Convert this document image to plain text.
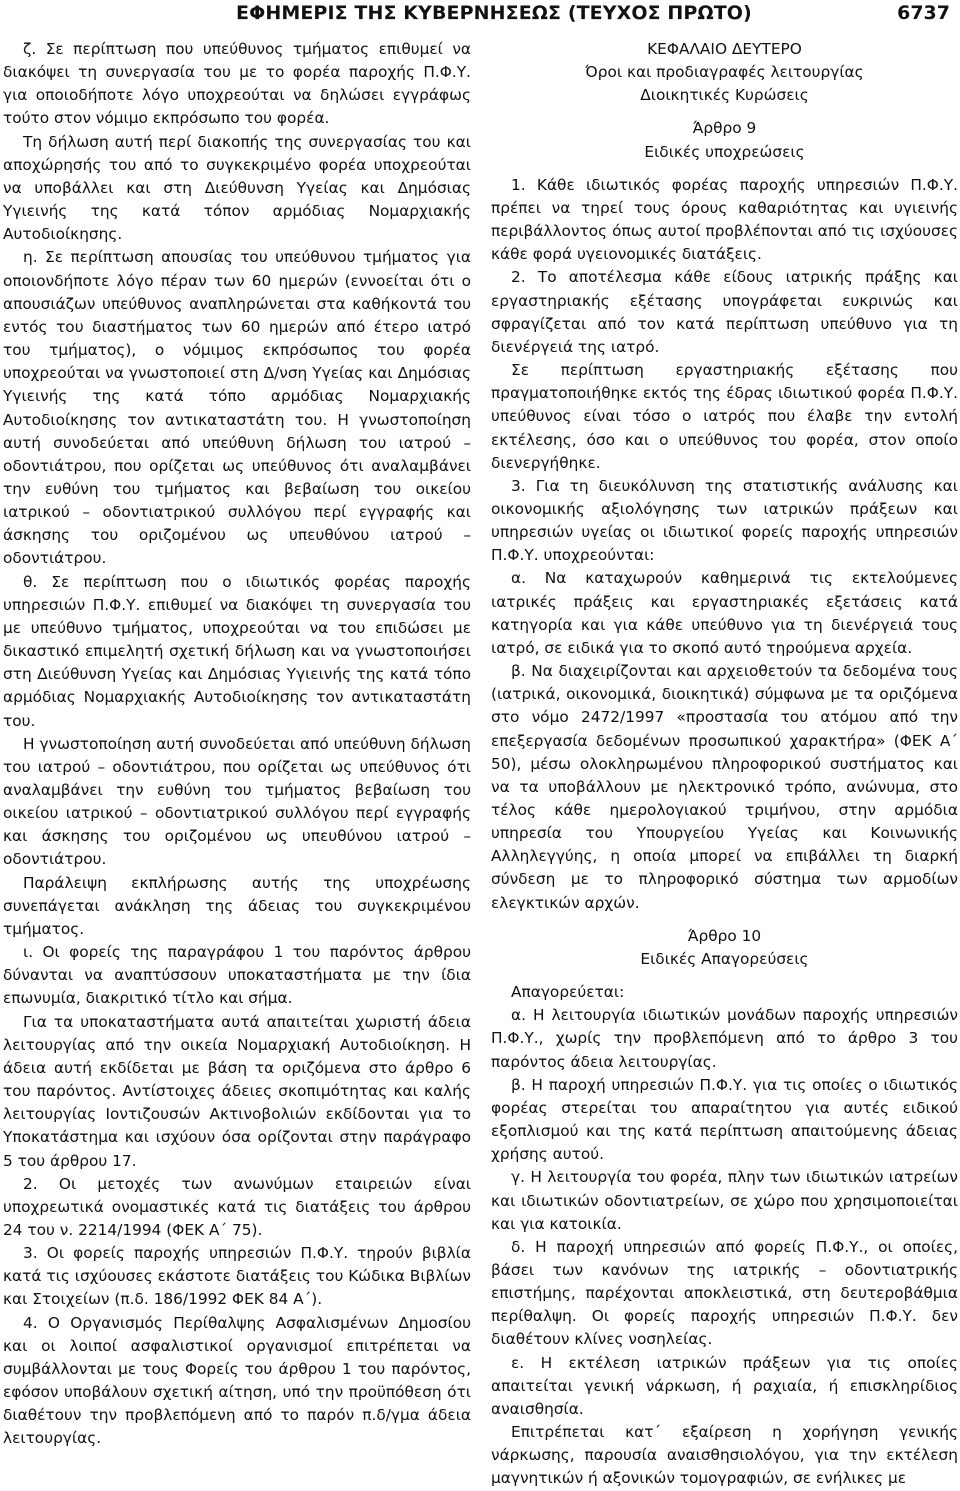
ΕΦΗΜΕΡΙΣ ΤΗΣ ΚΥΒΕΡΝΗΣΕΩΣ (ΤΕΥΧΟΣ ΠΡΩΤΟ)	6737

ζ. Σε περίπτωση που υπεύθυνος τμήματος επιθυμεί να διακόψει τη συνεργασία του με το φορέα παροχής Π.Φ.Υ. για οποιοδήποτε λόγο υποχρεούται να δηλώσει εγγράφως τούτο στον νόμιμο εκπρόσωπο του φορέα.

Τη δήλωση αυτή περί διακοπής της συνεργασίας του και αποχώρησής του από το συγκεκριμένο φορέα υποχρεούται να υποβάλλει και στη Διεύθυνση Υγείας και Δημόσιας Υγιεινής της κατά τόπον αρμόδιας Νομαρχιακής Αυτοδιοίκησης.

η. Σε περίπτωση απουσίας του υπεύθυνου τμήματος για οποιονδήποτε λόγο πέραν των 60 ημερών (εννοείται ότι ο απουσιάζων υπεύθυνος αναπληρώνεται στα καθήκοντά του εντός του διαστήματος των 60 ημερών από έτερο ιατρό του τμήματος), ο νόμιμος εκπρόσωπος του φορέα υποχρεούται να γνωστοποιεί στη Δ/νση Υγείας και Δημόσιας Υγιεινής της κατά τόπο αρμόδιας Νομαρχιακής Αυτοδιοίκησης τον αντικαταστάτη του. Η γνωστοποίηση αυτή συνοδεύεται από υπεύθυνη δήλωση του ιατρού – οδοντιάτρου, που ορίζεται ως υπεύθυνος ότι αναλαμβάνει την ευθύνη του τμήματος και βεβαίωση του οικείου ιατρικού – οδοντιατρικού συλλόγου περί εγγραφής και άσκησης του οριζομένου ως υπευθύνου ιατρού – οδοντιάτρου.

θ. Σε περίπτωση που ο ιδιωτικός φορέας παροχής υπηρεσιών Π.Φ.Υ. επιθυμεί να διακόψει τη συνεργασία του με υπεύθυνο τμήματος, υποχρεούται να του επιδώσει με δικαστικό επιμελητή σχετική δήλωση και να γνωστοποιήσει στη Διεύθυνση Υγείας και Δημόσιας Υγιεινής της κατά τόπο αρμόδιας Νομαρχιακής Αυτοδιοίκησης τον αντικαταστάτη του.

Η γνωστοποίηση αυτή συνοδεύεται από υπεύθυνη δήλωση του ιατρού – οδοντιάτρου, που ορίζεται ως υπεύθυνος ότι αναλαμβάνει την ευθύνη του τμήματος βεβαίωση του οικείου ιατρικού – οδοντιατρικού συλλόγου περί εγγραφής και άσκησης του οριζομένου ως υπευθύνου ιατρού – οδοντιάτρου.

Παράλειψη εκπλήρωσης αυτής της υποχρέωσης συνεπάγεται ανάκληση της άδειας του συγκεκριμένου τμήματος.

ι. Οι φορείς της παραγράφου 1 του παρόντος άρθρου δύνανται να αναπτύσσουν υποκαταστήματα με την ίδια επωνυμία, διακριτικό τίτλο και σήμα.

Για τα υποκαταστήματα αυτά απαιτείται χωριστή άδεια λειτουργίας από την οικεία Νομαρχιακή Αυτοδιοίκηση. Η άδεια αυτή εκδίδεται με βάση τα οριζόμενα στο άρθρο 6 του παρόντος. Αντίστοιχες άδειες σκοπιμότητας και καλής λειτουργίας Ιοντιζουσών Ακτινοβολιών εκδίδονται για το Υποκατάστημα και ισχύουν όσα ορίζονται στην παράγραφο 5 του άρθρου 17.

2. Οι μετοχές των ανωνύμων εταιρειών είναι υποχρεωτικά ονομαστικές κατά τις διατάξεις του άρθρου 24 του ν. 2214/1994 (ΦΕΚ Α΄ 75).

3. Οι φορείς παροχής υπηρεσιών Π.Φ.Υ. τηρούν βιβλία κατά τις ισχύουσες εκάστοτε διατάξεις του Κώδικα Βιβλίων και Στοιχείων (π.δ. 186/1992 ΦΕΚ 84 Α΄).

4. Ο Οργανισμός Περίθαλψης Ασφαλισμένων Δημοσίου και οι λοιποί ασφαλιστικοί οργανισμοί επιτρέπεται να συμβάλλονται με τους Φορείς του άρθρου 1 του παρόντος, εφόσον υποβάλουν σχετική αίτηση, υπό την προϋπόθεση ότι διαθέτουν την προβλεπόμενη από το παρόν π.δ/γμα άδεια λειτουργίας.

ΚΕΦΑΛΑΙΟ ΔΕΥΤΕΡΟ

Όροι και προδιαγραφές λειτουργίας

Διοικητικές Κυρώσεις

Άρθρο 9

Ειδικές υποχρεώσεις

1. Κάθε ιδιωτικός φορέας παροχής υπηρεσιών Π.Φ.Υ. πρέπει να τηρεί τους όρους καθαριότητας και υγιεινής περιβάλλοντος όπως αυτοί προβλέπονται από τις ισχύουσες κάθε φορά υγειονομικές διατάξεις.

2. Το αποτέλεσμα κάθε είδους ιατρικής πράξης και εργαστηριακής εξέτασης υπογράφεται ευκρινώς και σφραγίζεται από τον κατά περίπτωση υπεύθυνο για τη διενέργειά της ιατρό.

Σε περίπτωση εργαστηριακής εξέτασης που πραγματοποιήθηκε εκτός της έδρας ιδιωτικού φορέα Π.Φ.Υ. υπεύθυνος είναι τόσο ο ιατρός που έλαβε την εντολή εκτέλεσης, όσο και ο υπεύθυνος του φορέα, στον οποίο διενεργήθηκε.

3. Για τη διευκόλυνση της στατιστικής ανάλυσης και οικονομικής αξιολόγησης των ιατρικών πράξεων και υπηρεσιών υγείας οι ιδιωτικοί φορείς παροχής υπηρεσιών Π.Φ.Υ. υποχρεούνται:

α. Να καταχωρούν καθημερινά τις εκτελούμενες ιατρικές πράξεις και εργαστηριακές εξετάσεις κατά κατηγορία και για κάθε υπεύθυνο για τη διενέργειά τους ιατρό, σε ειδικά για το σκοπό αυτό τηρούμενα αρχεία.

β. Να διαχειρίζονται και αρχειοθετούν τα δεδομένα τους (ιατρικά, οικονομικά, διοικητικά) σύμφωνα με τα οριζόμενα στο νόμο 2472/1997 «προστασία του ατόμου από την επεξεργασία δεδομένων προσωπικού χαρακτήρα» (ΦΕΚ Α΄ 50), μέσω ολοκληρωμένου πληροφορικού συστήματος και να τα υποβάλλουν με ηλεκτρονικό τρόπο, ανώνυμα, στο τέλος κάθε ημερολογιακού τριμήνου, στην αρμόδια υπηρεσία του Υπουργείου Υγείας και Κοινωνικής Αλληλεγγύης, η οποία μπορεί να επιβάλλει τη διαρκή σύνδεση με το πληροφορικό σύστημα των αρμοδίων ελεγκτικών αρχών.

Άρθρο 10

Ειδικές Απαγορεύσεις

Απαγορεύεται:

α. Η λειτουργία ιδιωτικών μονάδων παροχής υπηρεσιών Π.Φ.Υ., χωρίς την προβλεπόμενη από το άρθρο 3 του παρόντος άδεια λειτουργίας.

β. Η παροχή υπηρεσιών Π.Φ.Υ. για τις οποίες ο ιδιωτικός φορέας στερείται του απαραίτητου για αυτές ειδικού εξοπλισμού και της κατά περίπτωση απαιτούμενης άδειας χρήσης αυτού.

γ. Η λειτουργία του φορέα, πλην των ιδιωτικών ιατρείων και ιδιωτικών οδοντιατρείων, σε χώρο που χρησιμοποιείται και για κατοικία.

δ. Η παροχή υπηρεσιών από φορείς Π.Φ.Υ., οι οποίες, βάσει των κανόνων της ιατρικής – οδοντιατρικής επιστήμης, παρέχονται αποκλειστικά, στη δευτεροβάθμια περίθαλψη. Οι φορείς παροχής υπηρεσιών Π.Φ.Υ. δεν διαθέτουν κλίνες νοσηλείας.

ε. Η εκτέλεση ιατρικών πράξεων για τις οποίες απαιτείται γενική νάρκωση, ή ραχιαία, ή επισκληρίδιος αναισθησία.

Επιτρέπεται κατ΄ εξαίρεση η χορήγηση γενικής νάρκωσης, παρουσία αναισθησιολόγου, για την εκτέλεση μαγνητικών ή αξονικών τομογραφιών, σε ενήλικες με
